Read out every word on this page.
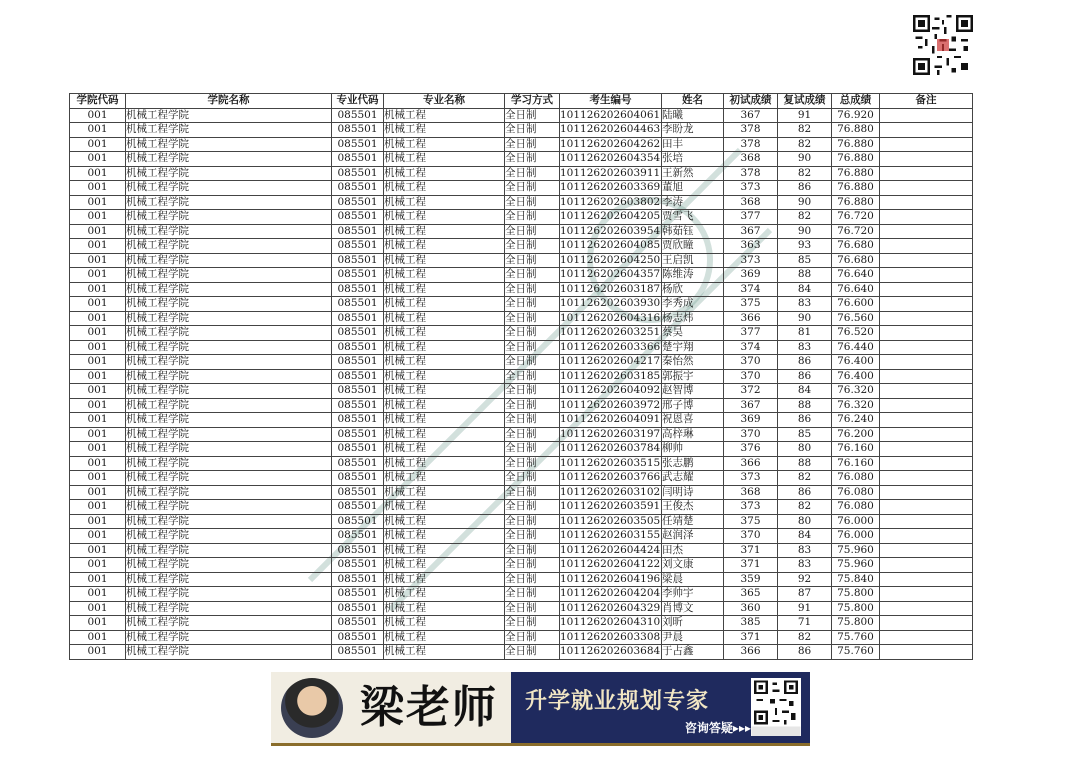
学院代码	学院名称	专业代码	专业名称	学习方式	考生编号	姓名	初试成绩	复试成绩	总成绩	备注
001	机械工程学院	085501	机械工程	全日制	101126202604061	陆曦	367	91	76.920	
001	机械工程学院	085501	机械工程	全日制	101126202604463	李盼龙	378	82	76.880	
001	机械工程学院	085501	机械工程	全日制	101126202604262	田丰	378	82	76.880	
001	机械工程学院	085501	机械工程	全日制	101126202604354	张培	368	90	76.880	
001	机械工程学院	085501	机械工程	全日制	101126202603911	王新然	378	82	76.880	
001	机械工程学院	085501	机械工程	全日制	101126202603369	董旭	373	86	76.880	
001	机械工程学院	085501	机械工程	全日制	101126202603802	李涛	368	90	76.880	
001	机械工程学院	085501	机械工程	全日制	101126202604205	贾雪飞	377	82	76.720	
001	机械工程学院	085501	机械工程	全日制	101126202603954	韩茹钰	367	90	76.720	
001	机械工程学院	085501	机械工程	全日制	101126202604085	贾欣瞳	363	93	76.680	
001	机械工程学院	085501	机械工程	全日制	101126202604250	王启凯	373	85	76.680	
001	机械工程学院	085501	机械工程	全日制	101126202604357	陈维涛	369	88	76.640	
001	机械工程学院	085501	机械工程	全日制	101126202603187	杨欣	374	84	76.640	
001	机械工程学院	085501	机械工程	全日制	101126202603930	李秀成	375	83	76.600	
001	机械工程学院	085501	机械工程	全日制	101126202604316	杨志炜	366	90	76.560	
001	机械工程学院	085501	机械工程	全日制	101126202603251	蔡昊	377	81	76.520	
001	机械工程学院	085501	机械工程	全日制	101126202603366	楚宇翔	374	83	76.440	
001	机械工程学院	085501	机械工程	全日制	101126202604217	秦怡然	370	86	76.400	
001	机械工程学院	085501	机械工程	全日制	101126202603185	郭振宇	370	86	76.400	
001	机械工程学院	085501	机械工程	全日制	101126202604092	赵智博	372	84	76.320	
001	机械工程学院	085501	机械工程	全日制	101126202603972	邢子博	367	88	76.320	
001	机械工程学院	085501	机械工程	全日制	101126202604091	祝恩喜	369	86	76.240	
001	机械工程学院	085501	机械工程	全日制	101126202603197	高梓琳	370	85	76.200	
001	机械工程学院	085501	机械工程	全日制	101126202603784	柳帅	376	80	76.160	
001	机械工程学院	085501	机械工程	全日制	101126202603515	张志鹏	366	88	76.160	
001	机械工程学院	085501	机械工程	全日制	101126202603766	武志耀	373	82	76.080	
001	机械工程学院	085501	机械工程	全日制	101126202603102	闫明诗	368	86	76.080	
001	机械工程学院	085501	机械工程	全日制	101126202603591	王俊杰	373	82	76.080	
001	机械工程学院	085501	机械工程	全日制	101126202603505	任靖楚	375	80	76.000	
001	机械工程学院	085501	机械工程	全日制	101126202603155	赵润泽	370	84	76.000	
001	机械工程学院	085501	机械工程	全日制	101126202604424	田杰	371	83	75.960	
001	机械工程学院	085501	机械工程	全日制	101126202604122	刘文康	371	83	75.960	
001	机械工程学院	085501	机械工程	全日制	101126202604196	梁晨	359	92	75.840	
001	机械工程学院	085501	机械工程	全日制	101126202604204	李帅宇	365	87	75.800	
001	机械工程学院	085501	机械工程	全日制	101126202604329	肖博文	360	91	75.800	
001	机械工程学院	085501	机械工程	全日制	101126202604310	刘昕	385	71	75.800	
001	机械工程学院	085501	机械工程	全日制	101126202603308	尹晨	371	82	75.760	
001	机械工程学院	085501	机械工程	全日制	101126202603684	于占鑫	366	86	75.760	
梁老师	升学就业规划专家
咨询答疑▸▸▸
